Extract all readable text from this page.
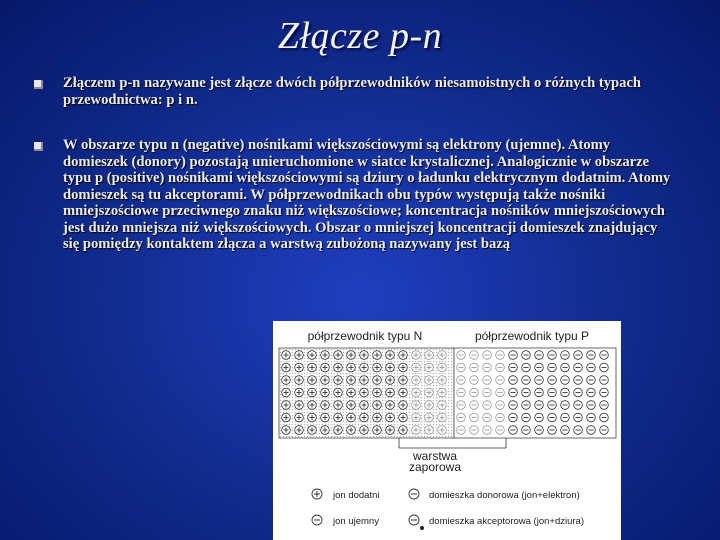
Złącze p-n
Złączem p-n nazywane jest złącze dwóch półprzewodników niesamoistnych o różnych typach przewodnictwa: p i n.
W obszarze typu n (negative) nośnikami większościowymi są elektrony (ujemne). Atomy domieszek (donory) pozostają unieruchomione w siatce krystalicznej. Analogicznie w obszarze typu p (positive) nośnikami większościowymi są dziury o ładunku elektrycznym dodatnim. Atomy domieszek są tu akceptorami. W półprzewodnikach obu typów występują także nośniki mniejszościowe przeciwnego znaku niż większościowe; koncentracja nośników mniejszościowych jest dużo mniejsza niż większościowych. Obszar o mniejszej koncentracji domieszek znajdujący się pomiędzy kontaktem złącza a warstwą zubożoną nazywany jest bazą
półprzewodnik typu N	półprzewodnik typu P
warstwa
zaporowa
jon dodatni	domieszka donorowa (jon+elektron)
jon ujemny	domieszka akceptorowa (jon+dziura)
